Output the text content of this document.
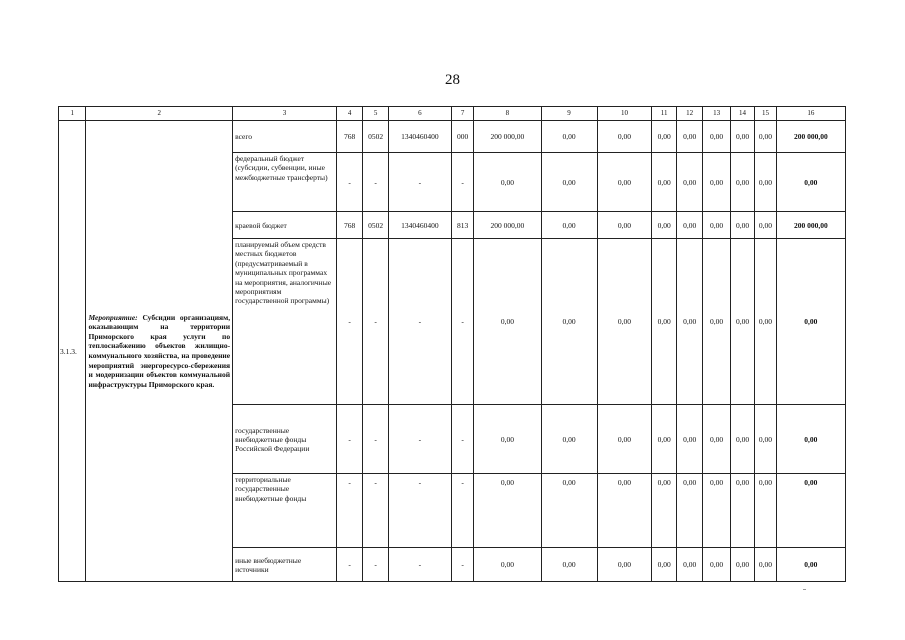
28
1	2	3	4	5	6	7	8	9	10	11	12	13	14	15	16
3.1.3.	Мероприятие: Субсидии организациям, оказывающим на территории Приморского края услуги по теплоснабжению объектов жилищно-коммунального хозяйства, на проведение мероприятий энергоресурсо-сбережения и модернизации объектов коммунальной инфраструктуры Приморского края.	всего	768	0502	1340460400	000	200 000,00	0,00	0,00	0,00	0,00	0,00	0,00	0,00	200 000,00
		федеральный бюджет (субсидии, субвенции, иные межбюджетные трансферты)	-	-	-	-	0,00	0,00	0,00	0,00	0,00	0,00	0,00	0,00	0,00
		краевой бюджет	768	0502	1340460400	813	200 000,00	0,00	0,00	0,00	0,00	0,00	0,00	0,00	200 000,00
		планируемый объем средств местных бюджетов (предусматриваемый в муниципальных программах на мероприятия, аналогичные мероприятиям государственной программы)	-	-	-	-	0,00	0,00	0,00	0,00	0,00	0,00	0,00	0,00	0,00
		государственные внебюджетные фонды Российской Федерации	-	-	-	-	0,00	0,00	0,00	0,00	0,00	0,00	0,00	0,00	0,00
		территориальные государственные внебюджетные фонды	-	-	-	-	0,00	0,00	0,00	0,00	0,00	0,00	0,00	0,00	0,00
		иные внебюджетные источники	-	-	-	-	0,00	0,00	0,00	0,00	0,00	0,00	0,00	0,00	0,00
